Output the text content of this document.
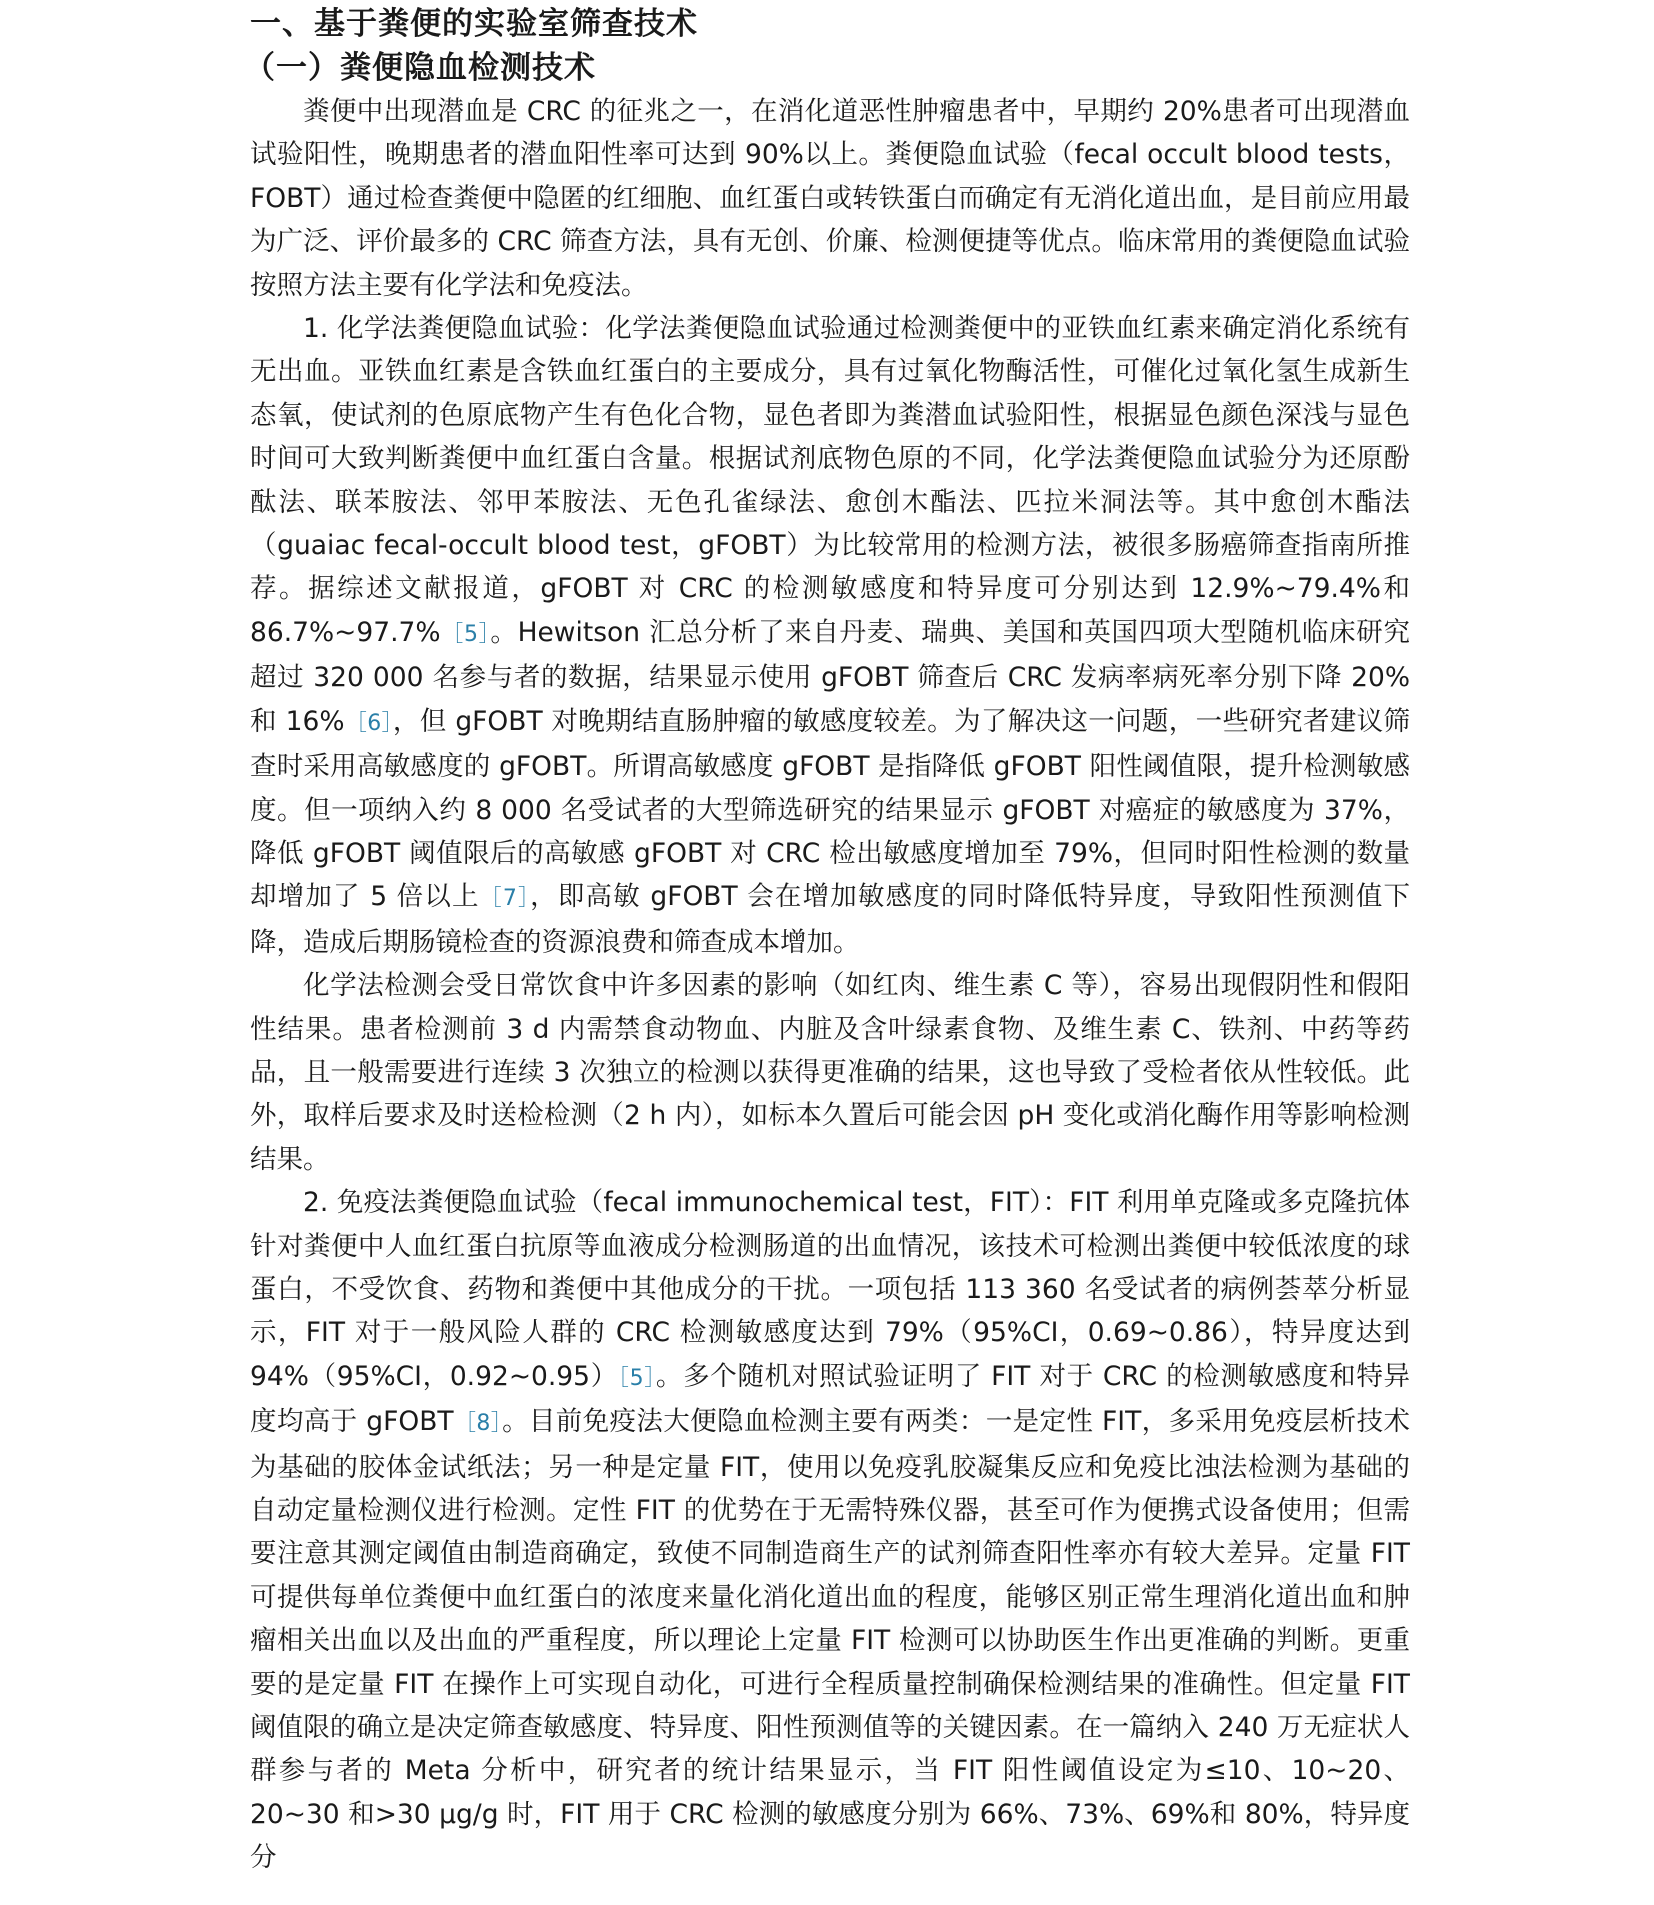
一、基于粪便的实验室筛查技术
（一）粪便隐血检测技术

粪便中出现潜血是 CRC 的征兆之一，在消化道恶性肿瘤患者中，早期约 20%患者可出现潜血试验阳性，晚期患者的潜血阳性率可达到 90%以上。粪便隐血试验（fecal occult blood tests，FOBT）通过检查粪便中隐匿的红细胞、血红蛋白或转铁蛋白而确定有无消化道出血，是目前应用最为广泛、评价最多的 CRC 筛查方法，具有无创、价廉、检测便捷等优点。临床常用的粪便隐血试验按照方法主要有化学法和免疫法。

1. 化学法粪便隐血试验：化学法粪便隐血试验通过检测粪便中的亚铁血红素来确定消化系统有无出血。亚铁血红素是含铁血红蛋白的主要成分，具有过氧化物酶活性，可催化过氧化氢生成新生态氧，使试剂的色原底物产生有色化合物，显色者即为粪潜血试验阳性，根据显色颜色深浅与显色时间可大致判断粪便中血红蛋白含量。根据试剂底物色原的不同，化学法粪便隐血试验分为还原酚酞法、联苯胺法、邻甲苯胺法、无色孔雀绿法、愈创木酯法、匹拉米洞法等。其中愈创木酯法（guaiac fecal-occult blood test，gFOBT）为比较常用的检测方法，被很多肠癌筛查指南所推荐。据综述文献报道，gFOBT 对 CRC 的检测敏感度和特异度可分别达到 12.9%~79.4%和 86.7%~97.7%［5］。Hewitson 汇总分析了来自丹麦、瑞典、美国和英国四项大型随机临床研究超过 320 000 名参与者的数据，结果显示使用 gFOBT 筛查后 CRC 发病率病死率分别下降 20%和 16%［6］，但 gFOBT 对晚期结直肠肿瘤的敏感度较差。为了解决这一问题，一些研究者建议筛查时采用高敏感度的 gFOBT。所谓高敏感度 gFOBT 是指降低 gFOBT 阳性阈值限，提升检测敏感度。但一项纳入约 8 000 名受试者的大型筛选研究的结果显示 gFOBT 对癌症的敏感度为 37%，降低 gFOBT 阈值限后的高敏感 gFOBT 对 CRC 检出敏感度增加至 79%，但同时阳性检测的数量却增加了 5 倍以上［7］，即高敏 gFOBT 会在增加敏感度的同时降低特异度，导致阳性预测值下降，造成后期肠镜检查的资源浪费和筛查成本增加。

化学法检测会受日常饮食中许多因素的影响（如红肉、维生素 C 等），容易出现假阴性和假阳性结果。患者检测前 3 d 内需禁食动物血、内脏及含叶绿素食物、及维生素 C、铁剂、中药等药品，且一般需要进行连续 3 次独立的检测以获得更准确的结果，这也导致了受检者依从性较低。此外，取样后要求及时送检检测（2 h 内），如标本久置后可能会因 pH 变化或消化酶作用等影响检测结果。

2. 免疫法粪便隐血试验（fecal immunochemical test，FIT）：FIT 利用单克隆或多克隆抗体针对粪便中人血红蛋白抗原等血液成分检测肠道的出血情况，该技术可检测出粪便中较低浓度的球蛋白，不受饮食、药物和粪便中其他成分的干扰。一项包括 113 360 名受试者的病例荟萃分析显示，FIT 对于一般风险人群的 CRC 检测敏感度达到 79%（95%CI，0.69~0.86），特异度达到 94%（95%CI，0.92~0.95）［5］。多个随机对照试验证明了 FIT 对于 CRC 的检测敏感度和特异度均高于 gFOBT［8］。目前免疫法大便隐血检测主要有两类：一是定性 FIT，多采用免疫层析技术为基础的胶体金试纸法；另一种是定量 FIT，使用以免疫乳胶凝集反应和免疫比浊法检测为基础的自动定量检测仪进行检测。定性 FIT 的优势在于无需特殊仪器，甚至可作为便携式设备使用；但需要注意其测定阈值由制造商确定，致使不同制造商生产的试剂筛查阳性率亦有较大差异。定量 FIT 可提供每单位粪便中血红蛋白的浓度来量化消化道出血的程度，能够区别正常生理消化道出血和肿瘤相关出血以及出血的严重程度，所以理论上定量 FIT 检测可以协助医生作出更准确的判断。更重要的是定量 FIT 在操作上可实现自动化，可进行全程质量控制确保检测结果的准确性。但定量 FIT 阈值限的确立是决定筛查敏感度、特异度、阳性预测值等的关键因素。在一篇纳入 240 万无症状人群参与者的 Meta 分析中，研究者的统计结果显示，当 FIT 阳性阈值设定为≤10、10~20、20~30 和>30 μg/g 时，FIT 用于 CRC 检测的敏感度分别为 66%、73%、69%和 80%，特异度分
